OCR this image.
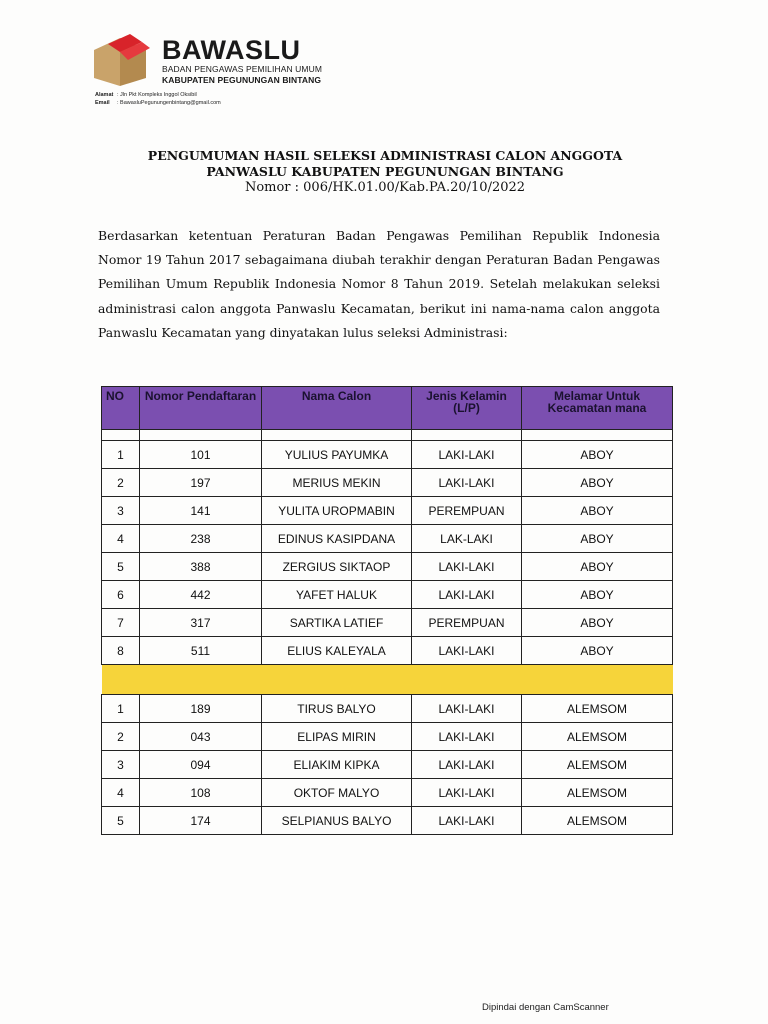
BAWASLU
BADAN PENGAWAS PEMILIHAN UMUM
KABUPATEN PEGUNUNGAN BINTANG
Alamat : Jln Pkt Kompleks Inggol Oksibil
Email : BawasluPegunungenbintang@gmail.com
PENGUMUMAN HASIL SELEKSI ADMINISTRASI CALON ANGGOTA
PANWASLU KABUPATEN PEGUNUNGAN BINTANG
Nomor : 006/HK.01.00/Kab.PA.20/10/2022
Berdasarkan ketentuan Peraturan Badan Pengawas Pemilihan Republik Indonesia Nomor 19 Tahun 2017 sebagaimana diubah terakhir dengan Peraturan Badan Pengawas Pemilihan Umum Republik Indonesia Nomor 8 Tahun 2019. Setelah melakukan seleksi administrasi calon anggota Panwaslu Kecamatan, berikut ini nama-nama calon anggota Panwaslu Kecamatan yang dinyatakan lulus seleksi Administrasi:
NO	Nomor Pendaftaran	Nama Calon	Jenis Kelamin (L/P)	Melamar Untuk Kecamatan mana

1	101	YULIUS PAYUMKA	LAKI-LAKI	ABOY
2	197	MERIUS MEKIN	LAKI-LAKI	ABOY
3	141	YULITA UROPMABIN	PEREMPUAN	ABOY
4	238	EDINUS KASIPDANA	LAK-LAKI	ABOY
5	388	ZERGIUS SIKTAOP	LAKI-LAKI	ABOY
6	442	YAFET HALUK	LAKI-LAKI	ABOY
7	317	SARTIKA LATIEF	PEREMPUAN	ABOY
8	511	ELIUS KALEYALA	LAKI-LAKI	ABOY

1	189	TIRUS BALYO	LAKI-LAKI	ALEMSOM
2	043	ELIPAS MIRIN	LAKI-LAKI	ALEMSOM
3	094	ELIAKIM KIPKA	LAKI-LAKI	ALEMSOM
4	108	OKTOF MALYO	LAKI-LAKI	ALEMSOM
5	174	SELPIANUS BALYO	LAKI-LAKI	ALEMSOM
Dipindai dengan CamScanner
